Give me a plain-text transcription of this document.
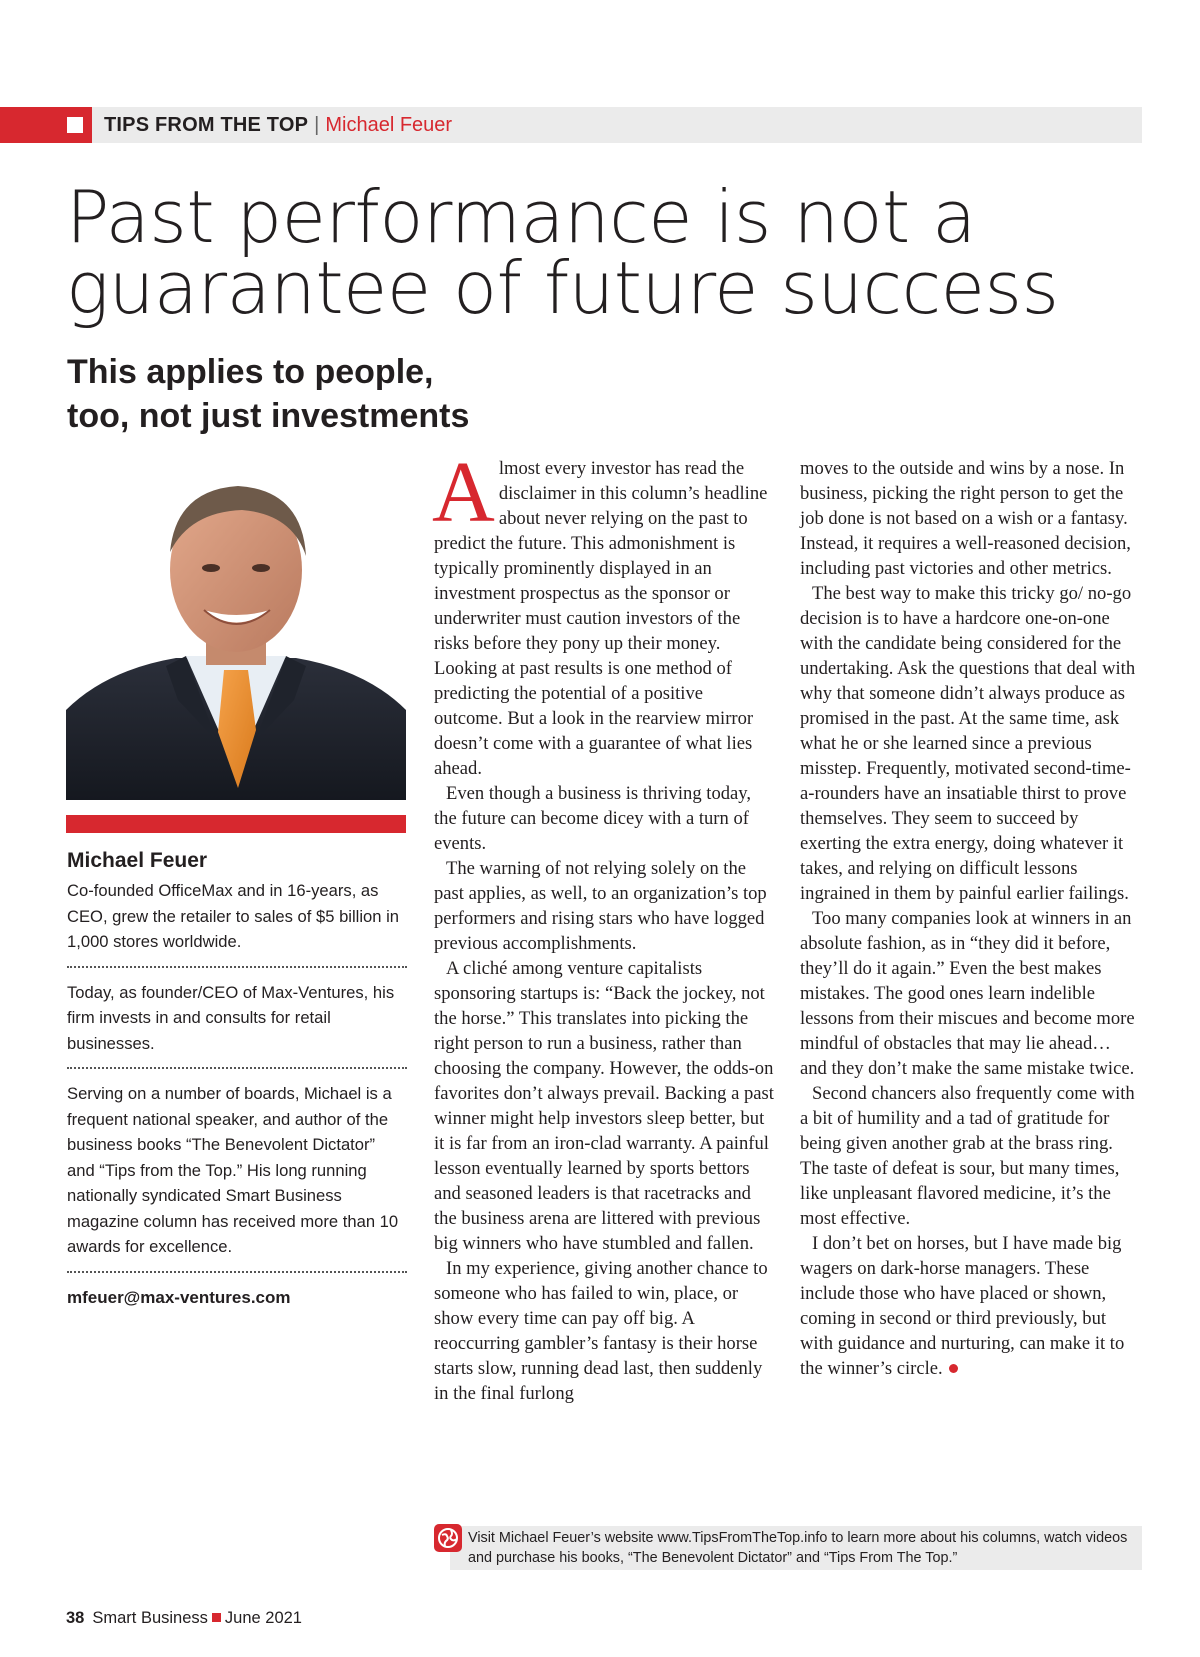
TIPS FROM THE TOP | Michael Feuer
Past performance is not a guarantee of future success
This applies to people,
too, not just investments
Michael Feuer
Co-founded OfficeMax and in 16-years, as CEO, grew the retailer to sales of $5 billion in 1,000 stores worldwide.
Today, as founder/CEO of Max-Ventures, his firm invests in and consults for retail businesses.
Serving on a number of boards, Michael is a frequent national speaker, and author of the business books “The Benevolent Dictator” and “Tips from the Top.” His long running nationally syndicated Smart Business magazine column has received more than 10 awards for excellence.
mfeuer@max-ventures.com

Almost every investor has read the disclaimer in this column’s headline about never relying on the past to predict the future. This admonishment is typically prominently displayed in an investment prospectus as the sponsor or underwriter must caution investors of the risks before they pony up their money. Looking at past results is one method of predicting the potential of a positive outcome. But a look in the rearview mirror doesn’t come with a guarantee of what lies ahead.

Even though a business is thriving today, the future can become dicey with a turn of events.

The warning of not relying solely on the past applies, as well, to an organization’s top performers and rising stars who have logged previous accomplishments.

A cliché among venture capitalists sponsoring startups is: “Back the jockey, not the horse.” This translates into picking the right person to run a business, rather than choosing the company. However, the odds-on favorites don’t always prevail. Backing a past winner might help investors sleep better, but it is far from an iron-clad warranty. A painful lesson eventually learned by sports bettors and seasoned leaders is that racetracks and the business arena are littered with previous big winners who have stumbled and fallen.

In my experience, giving another chance to someone who has failed to win, place, or show every time can pay off big. A reoccurring gambler’s fantasy is their horse starts slow, running dead last, then suddenly in the final furlong

moves to the outside and wins by a nose. In business, picking the right person to get the job done is not based on a wish or a fantasy. Instead, it requires a well-reasoned decision, including past victories and other metrics.

The best way to make this tricky go/ no-go decision is to have a hardcore one-on-one with the candidate being considered for the undertaking. Ask the questions that deal with why that someone didn’t always produce as promised in the past. At the same time, ask what he or she learned since a previous misstep. Frequently, motivated second-time-a-rounders have an insatiable thirst to prove themselves. They seem to succeed by exerting the extra energy, doing whatever it takes, and relying on difficult lessons ingrained in them by painful earlier failings.

Too many companies look at winners in an absolute fashion, as in “they did it before, they’ll do it again.” Even the best makes mistakes. The good ones learn indelible lessons from their miscues and become more mindful of obstacles that may lie ahead… and they don’t make the same mistake twice.

Second chancers also frequently come with a bit of humility and a tad of gratitude for being given another grab at the brass ring. The taste of defeat is sour, but many times, like unpleasant flavored medicine, it’s the most effective.

I don’t bet on horses, but I have made big wagers on dark-horse managers. These include those who have placed or shown, coming in second or third previously, but with guidance and nurturing, can make it to the winner’s circle.

Visit Michael Feuer’s website www.TipsFromTheTop.info to learn more about his columns, watch videos and purchase his books, “The Benevolent Dictator” and “Tips From The Top.”
38 Smart Business June 2021
